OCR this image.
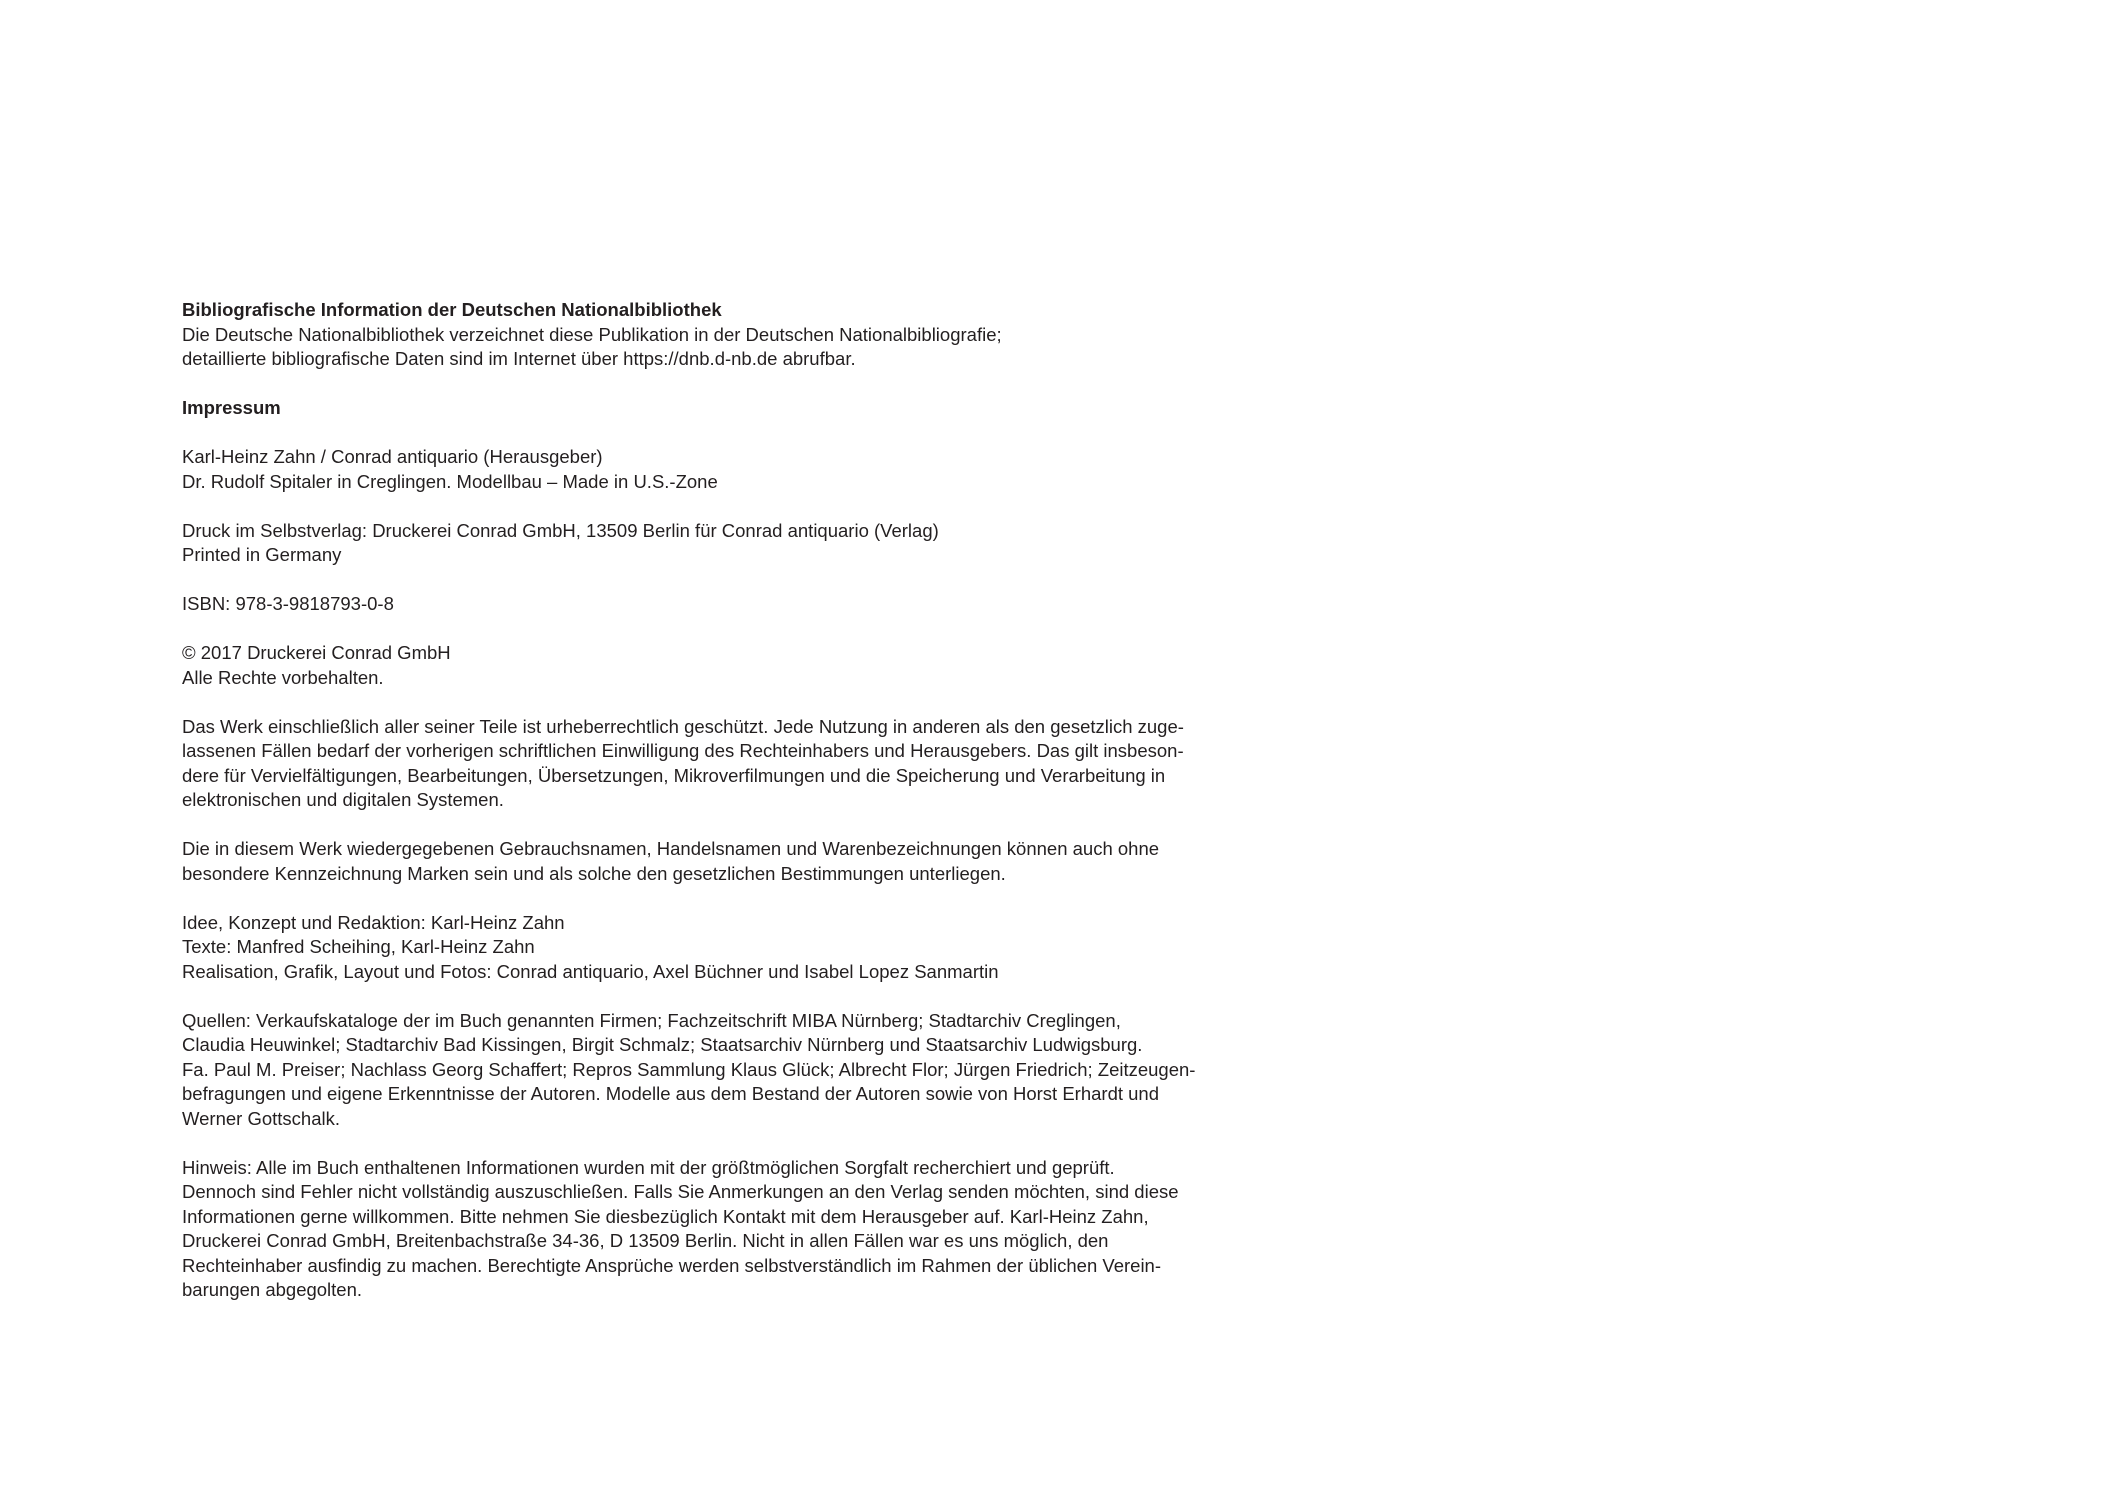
Bibliografische Information der Deutschen Nationalbibliothek
Die Deutsche Nationalbibliothek verzeichnet diese Publikation in der Deutschen Nationalbibliografie;
detaillierte bibliografische Daten sind im Internet über https://dnb.d-nb.de abrufbar.
Impressum
Karl-Heinz Zahn / Conrad antiquario (Herausgeber)
Dr. Rudolf Spitaler in Creglingen. Modellbau – Made in U.S.-Zone
Druck im Selbstverlag: Druckerei Conrad GmbH, 13509 Berlin für Conrad antiquario (Verlag)
Printed in Germany
ISBN: 978-3-9818793-0-8
© 2017 Druckerei Conrad GmbH
Alle Rechte vorbehalten.
Das Werk einschließlich aller seiner Teile ist urheberrechtlich geschützt. Jede Nutzung in anderen als den gesetzlich zuge-
lassenen Fällen bedarf der vorherigen schriftlichen Einwilligung des Rechteinhabers und Herausgebers. Das gilt insbeson-
dere für Vervielfältigungen, Bearbeitungen, Übersetzungen, Mikroverfilmungen und die Speicherung und Verarbeitung in
elektronischen und digitalen Systemen.
Die in diesem Werk wiedergegebenen Gebrauchsnamen, Handelsnamen und Warenbezeichnungen können auch ohne
besondere Kennzeichnung Marken sein und als solche den gesetzlichen Bestimmungen unterliegen.
Idee, Konzept und Redaktion: Karl-Heinz Zahn
Texte: Manfred Scheihing, Karl-Heinz Zahn
Realisation, Grafik, Layout und Fotos: Conrad antiquario, Axel Büchner und Isabel Lopez Sanmartin
Quellen: Verkaufskataloge der im Buch genannten Firmen; Fachzeitschrift MIBA Nürnberg; Stadtarchiv Creglingen,
Claudia Heuwinkel; Stadtarchiv Bad Kissingen, Birgit Schmalz; Staatsarchiv Nürnberg und Staatsarchiv Ludwigsburg.
Fa. Paul M. Preiser; Nachlass Georg Schaffert; Repros Sammlung Klaus Glück; Albrecht Flor; Jürgen Friedrich; Zeitzeugen-
befragungen und eigene Erkenntnisse der Autoren. Modelle aus dem Bestand der Autoren sowie von Horst Erhardt und
Werner Gottschalk.
Hinweis: Alle im Buch enthaltenen Informationen wurden mit der größtmöglichen Sorgfalt recherchiert und geprüft.
Dennoch sind Fehler nicht vollständig auszuschließen. Falls Sie Anmerkungen an den Verlag senden möchten, sind diese
Informationen gerne willkommen. Bitte nehmen Sie diesbezüglich Kontakt mit dem Herausgeber auf. Karl-Heinz Zahn,
Druckerei Conrad GmbH, Breitenbachstraße 34-36, D 13509 Berlin. Nicht in allen Fällen war es uns möglich, den
Rechteinhaber ausfindig zu machen. Berechtigte Ansprüche werden selbstverständlich im Rahmen der üblichen Verein-
barungen abgegolten.
